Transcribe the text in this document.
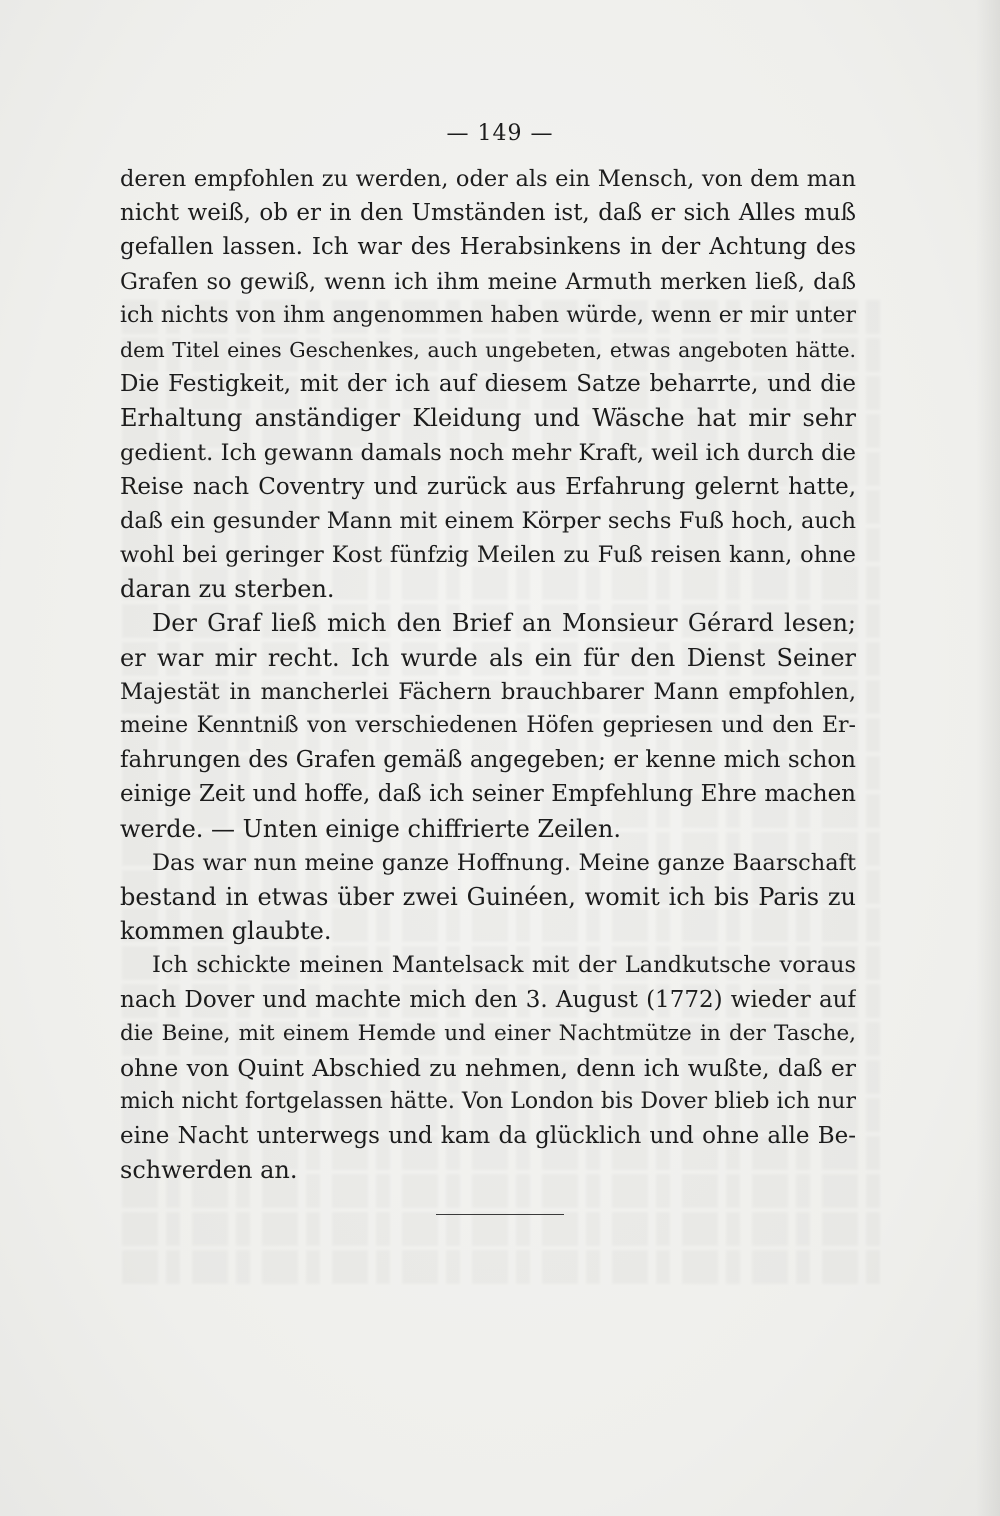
— 149 —
deren empfohlen zu werden, oder als ein Mensch, von dem man
nicht weiß, ob er in den Umständen ist, daß er sich Alles muß
gefallen lassen. Ich war des Herabsinkens in der Achtung des
Grafen so gewiß, wenn ich ihm meine Armuth merken ließ, daß
ich nichts von ihm angenommen haben würde, wenn er mir unter
dem Titel eines Geschenkes, auch ungebeten, etwas angeboten hätte.
Die Festigkeit, mit der ich auf diesem Satze beharrte, und die
Erhaltung anständiger Kleidung und Wäsche hat mir sehr
gedient. Ich gewann damals noch mehr Kraft, weil ich durch die
Reise nach Coventry und zurück aus Erfahrung gelernt hatte,
daß ein gesunder Mann mit einem Körper sechs Fuß hoch, auch
wohl bei geringer Kost fünfzig Meilen zu Fuß reisen kann, ohne
daran zu sterben.
Der Graf ließ mich den Brief an Monsieur Gérard lesen;
er war mir recht. Ich wurde als ein für den Dienst Seiner
Majestät in mancherlei Fächern brauchbarer Mann empfohlen,
meine Kenntniß von verschiedenen Höfen gepriesen und den Er-
fahrungen des Grafen gemäß angegeben; er kenne mich schon
einige Zeit und hoffe, daß ich seiner Empfehlung Ehre machen
werde. — Unten einige chiffrierte Zeilen.
Das war nun meine ganze Hoffnung. Meine ganze Baarschaft
bestand in etwas über zwei Guinéen, womit ich bis Paris zu
kommen glaubte.
Ich schickte meinen Mantelsack mit der Landkutsche voraus
nach Dover und machte mich den 3. August (1772) wieder auf
die Beine, mit einem Hemde und einer Nachtmütze in der Tasche,
ohne von Quint Abschied zu nehmen, denn ich wußte, daß er
mich nicht fortgelassen hätte. Von London bis Dover blieb ich nur
eine Nacht unterwegs und kam da glücklich und ohne alle Be-
schwerden an.
